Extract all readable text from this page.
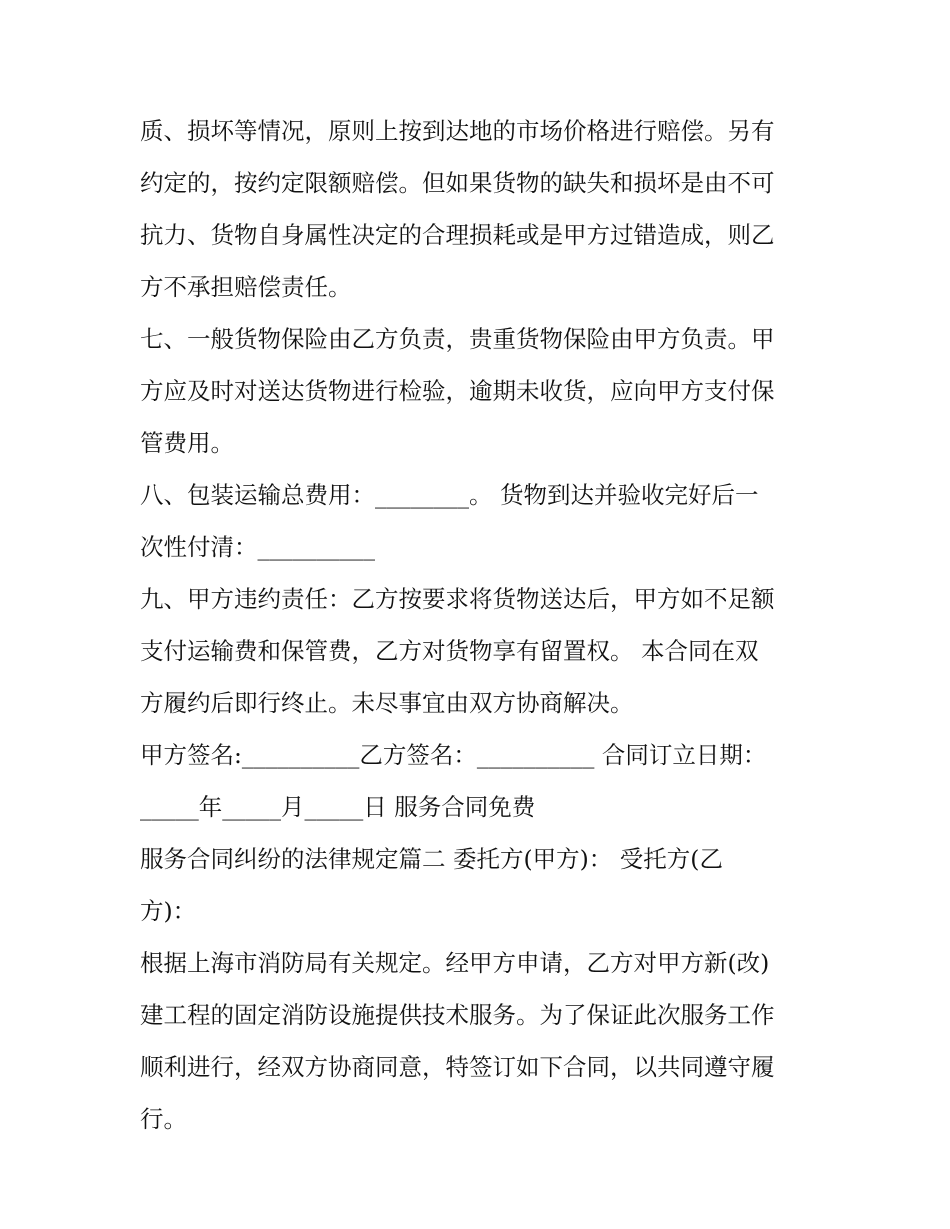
质、损坏等情况，原则上按到达地的市场价格进行赔偿。另有
约定的，按约定限额赔偿。但如果货物的缺失和损坏是由不可
抗力、货物自身属性决定的合理损耗或是甲方过错造成，则乙
方不承担赔偿责任。
七、一般货物保险由乙方负责，贵重货物保险由甲方负责。甲
方应及时对送达货物进行检验，逾期未收货，应向甲方支付保
管费用。
八、包装运输总费用：________。 货物到达并验收完好后一
次性付清：__________
九、甲方违约责任：乙方按要求将货物送达后，甲方如不足额
支付运输费和保管费，乙方对货物享有留置权。 本合同在双
方履约后即行终止。未尽事宜由双方协商解决。
甲方签名:__________乙方签名：__________ 合同订立日期：
_____年_____月_____日 服务合同免费
服务合同纠纷的法律规定篇二 委托方(甲方)： 受托方(乙
方)：
根据上海市消防局有关规定。经甲方申请，乙方对甲方新(改)
建工程的固定消防设施提供技术服务。为了保证此次服务工作
顺利进行，经双方协商同意，特签订如下合同，以共同遵守履
行。
